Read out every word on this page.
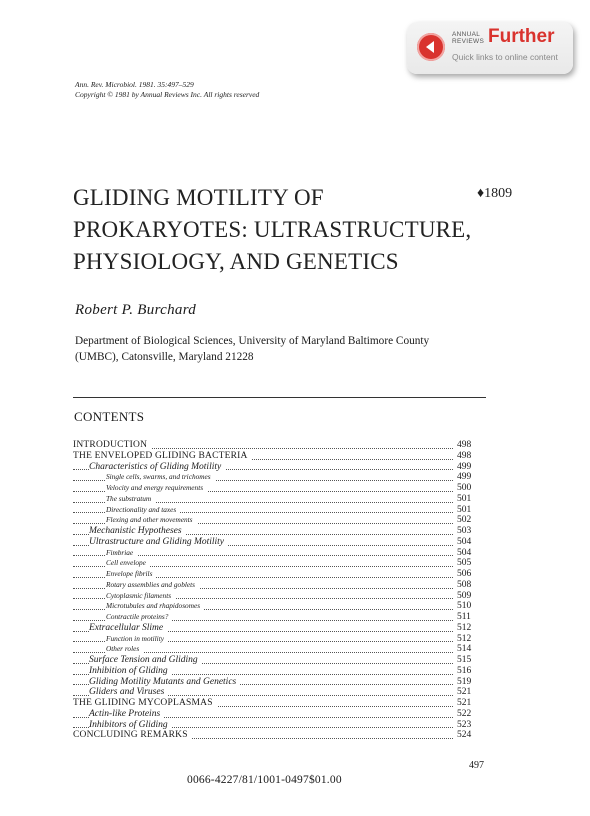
ANNUAL
REVIEWS Further
Quick links to online content
Ann. Rev. Microbiol. 1981. 35:497–529
Copyright © 1981 by Annual Reviews Inc. All rights reserved
GLIDING MOTILITY OF
PROKARYOTES: ULTRASTRUCTURE,
PHYSIOLOGY, AND GENETICS
♦1809
Robert P. Burchard
Department of Biological Sciences, University of Maryland Baltimore County
(UMBC), Catonsville, Maryland 21228
CONTENTS
INTRODUCTION	498
THE ENVELOPED GLIDING BACTERIA	498
Characteristics of Gliding Motility	499
Single cells, swarms, and trichomes	499
Velocity and energy requirements	500
The substratum	501
Directionality and taxes	501
Flexing and other movements	502
Mechanistic Hypotheses	503
Ultrastructure and Gliding Motility	504
Fimbriae	504
Cell envelope	505
Envelope fibrils	506
Rotary assemblies and goblets	508
Cytoplasmic filaments	509
Microtubules and rhapidosomes	510
Contractile proteins?	511
Extracellular Slime	512
Function in motility	512
Other roles	514
Surface Tension and Gliding	515
Inhibition of Gliding	516
Gliding Motility Mutants and Genetics	519
Gliders and Viruses	521
THE GLIDING MYCOPLASMAS	521
Actin-like Proteins	522
Inhibitors of Gliding	523
CONCLUDING REMARKS	524
497
0066-4227/81/1001-0497$01.00
